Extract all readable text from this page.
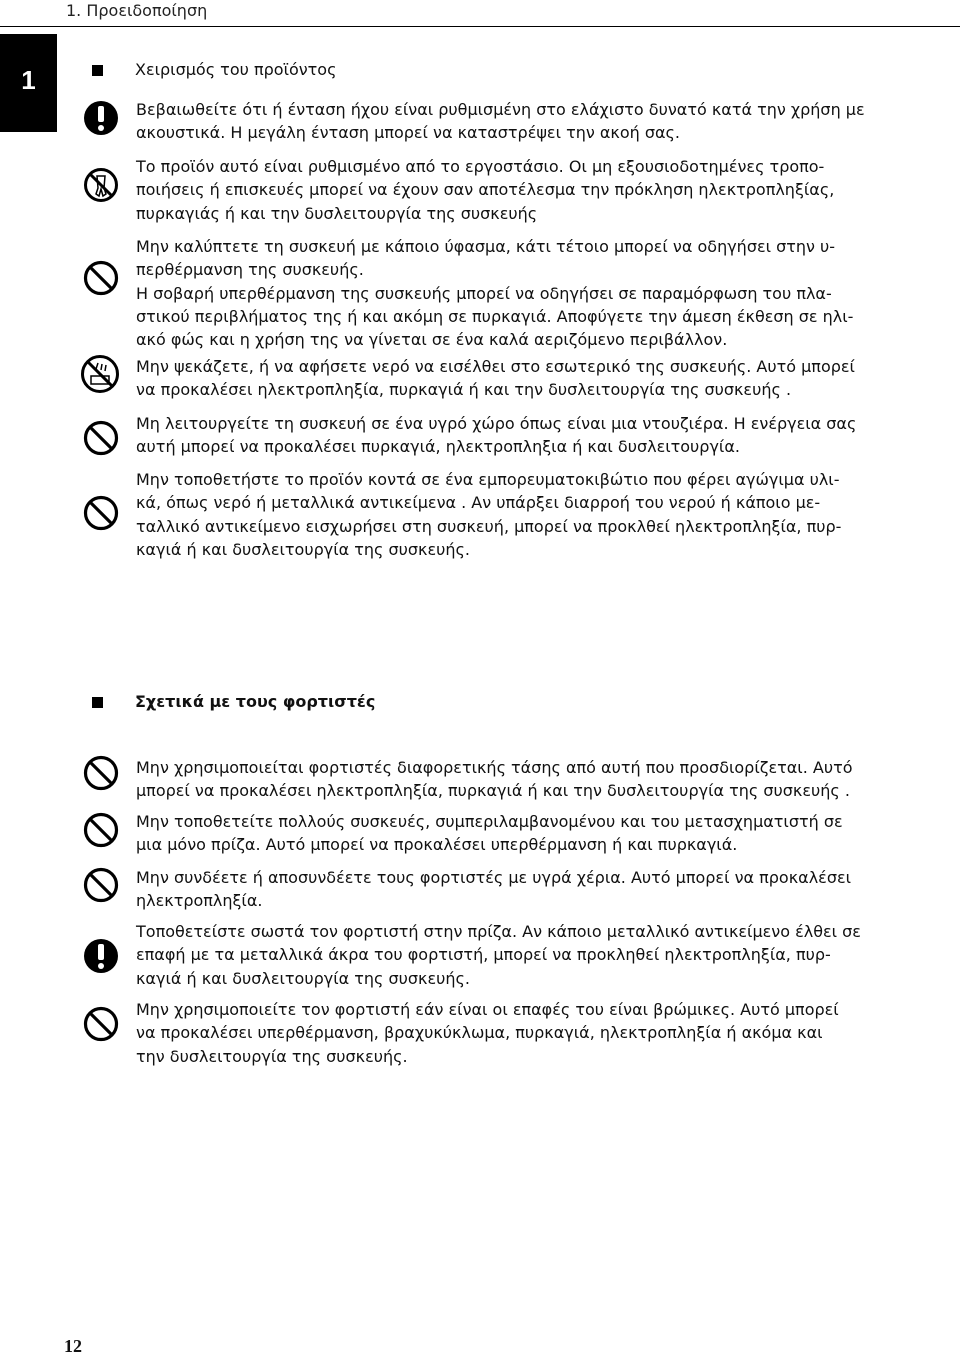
1. Προειδοποίηση
1	Χειρισμός του προϊόντος
Βεβαιωθείτε ότι ή ένταση ήχου είναι ρυθμισμένη στο ελάχιστο δυνατό κατά την χρήση με
ακουστικά. Η μεγάλη ένταση μπορεί να καταστρέψει την ακοή σας.
Το προϊόν αυτό είναι ρυθμισμένο από το εργοστάσιο. Οι μη εξουσιοδοτημένες τροπο-
ποιήσεις ή επισκευές μπορεί να έχουν σαν αποτέλεσμα την πρόκληση ηλεκτροπληξίας,
πυρκαγιάς ή και την δυσλειτουργία της συσκευής
Μην καλύπτετε τη συσκευή με κάποιο ύφασμα, κάτι τέτοιο μπορεί να οδηγήσει στην υ-
περθέρμανση της συσκευής.
Η σοβαρή υπερθέρμανση της συσκευής μπορεί να οδηγήσει σε παραμόρφωση του πλα-
στικού περιβλήματος της ή και ακόμη σε πυρκαγιά. Αποφύγετε την άμεση έκθεση σε ηλι-
ακό φώς και η χρήση της να γίνεται σε ένα καλά αεριζόμενο περιβάλλον.
Μην ψεκάζετε, ή να αφήσετε νερό να εισέλθει στο εσωτερικό της συσκευής. Αυτό μπορεί
να προκαλέσει ηλεκτροπληξία, πυρκαγιά ή και την δυσλειτουργία της συσκευής .
Μη λειτουργείτε τη συσκευή σε ένα υγρό χώρο όπως είναι μια ντουζιέρα. Η ενέργεια σας
αυτή μπορεί να προκαλέσει πυρκαγιά, ηλεκτροπληξια ή και δυσλειτουργία.
Μην τοποθετήστε το προϊόν κοντά σε ένα εμπορευματοκιβώτιο που φέρει αγώγιμα υλι-
κά, όπως νερό ή μεταλλικά αντικείμενα . Αν υπάρξει διαρροή του νερού ή κάποιο με-
ταλλικό αντικείμενο εισχωρήσει στη συσκευή, μπορεί να προκλθεί ηλεκτροπληξία, πυρ-
καγιά ή και δυσλειτουργία της συσκευής.
Σχετικά με τους φορτιστές
Μην χρησιμοποιείται φορτιστές διαφορετικής τάσης από αυτή που προσδιορίζεται. Αυτό
μπορεί να προκαλέσει ηλεκτροπληξία, πυρκαγιά ή και την δυσλειτουργία της συσκευής .
Μην τοποθετείτε πολλούς συσκευές, συμπεριλαμβανομένου και του μετασχηματιστή σε
μια μόνο πρίζα. Αυτό μπορεί να προκαλέσει υπερθέρμανση ή και πυρκαγιά.
Μην συνδέετε ή αποσυνδέετε τους φορτιστές με υγρά χέρια. Αυτό μπορεί να προκαλέσει
ηλεκτροπληξία.
Τοποθετείστε σωστά τον φορτιστή στην πρίζα. Αν κάποιο μεταλλικό αντικείμενο έλθει σε
επαφή με τα μεταλλικά άκρα του φορτιστή, μπορεί να προκληθεί ηλεκτροπληξία, πυρ-
καγιά ή και δυσλειτουργία της συσκευής.
Μην χρησιμοποιείτε τον φορτιστή εάν είναι οι επαφές του είναι βρώμικες. Αυτό μπορεί
να προκαλέσει υπερθέρμανση, βραχυκύκλωμα, πυρκαγιά, ηλεκτροπληξία ή ακόμα και
την δυσλειτουργία της συσκευής.
12
